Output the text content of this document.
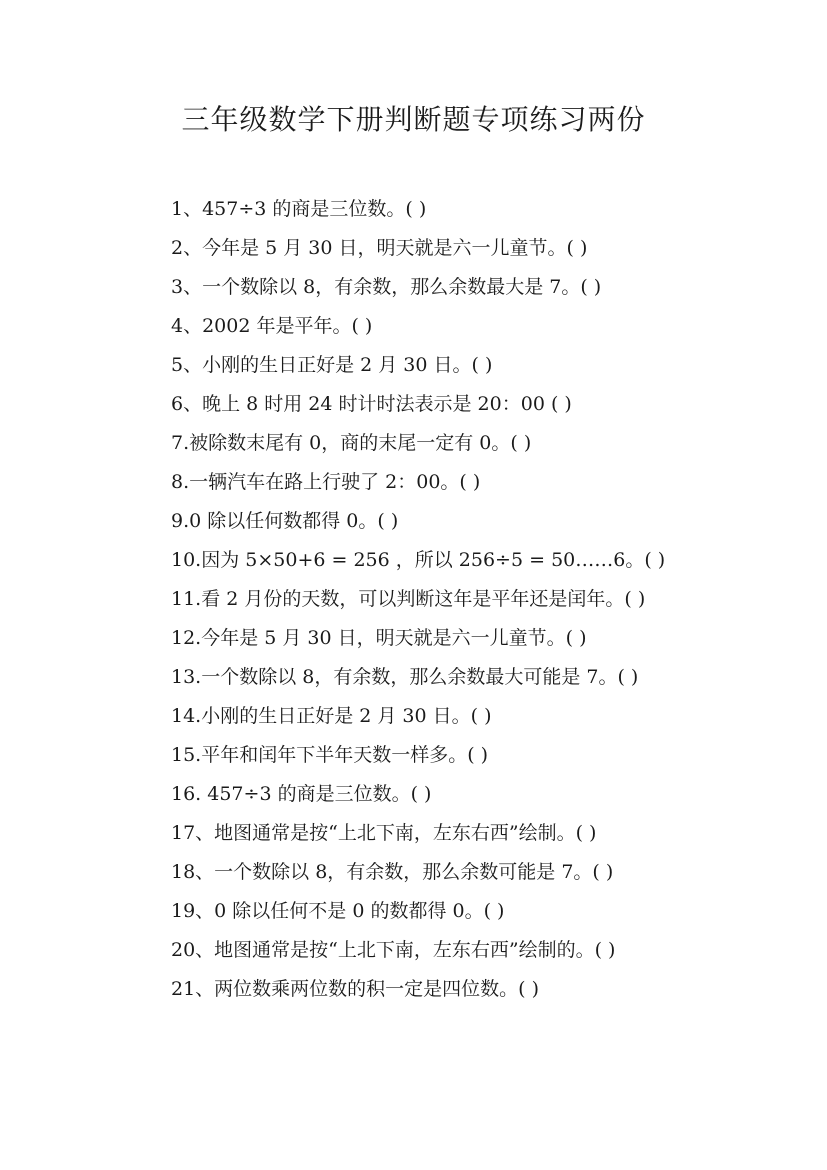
三年级数学下册判断题专项练习两份
1、457÷3 的商是三位数。( )
2、今年是 5 月 30 日，明天就是六一儿童节。( )
3、一个数除以 8，有余数，那么余数最大是 7。( )
4、2002 年是平年。( )
5、小刚的生日正好是 2 月 30 日。( )
6、晚上 8 时用 24 时计时法表示是 20：00 ( )
7.被除数末尾有 0，商的末尾一定有 0。( )
8.一辆汽车在路上行驶了 2：00。( )
9.0 除以任何数都得 0。( )
10.因为 5×50+6 = 256 ，所以 256÷5 = 50……6。( )
11.看 2 月份的天数，可以判断这年是平年还是闰年。( )
12.今年是 5 月 30 日，明天就是六一儿童节。( )
13.一个数除以 8，有余数，那么余数最大可能是 7。( )
14.小刚的生日正好是 2 月 30 日。( )
15.平年和闰年下半年天数一样多。( )
16. 457÷3 的商是三位数。( )
17、地图通常是按“上北下南，左东右西”绘制。( )
18、一个数除以 8，有余数，那么余数可能是 7。( )
19、0 除以任何不是 0 的数都得 0。( )
20、地图通常是按“上北下南，左东右西”绘制的。( )
21、两位数乘两位数的积一定是四位数。( )
